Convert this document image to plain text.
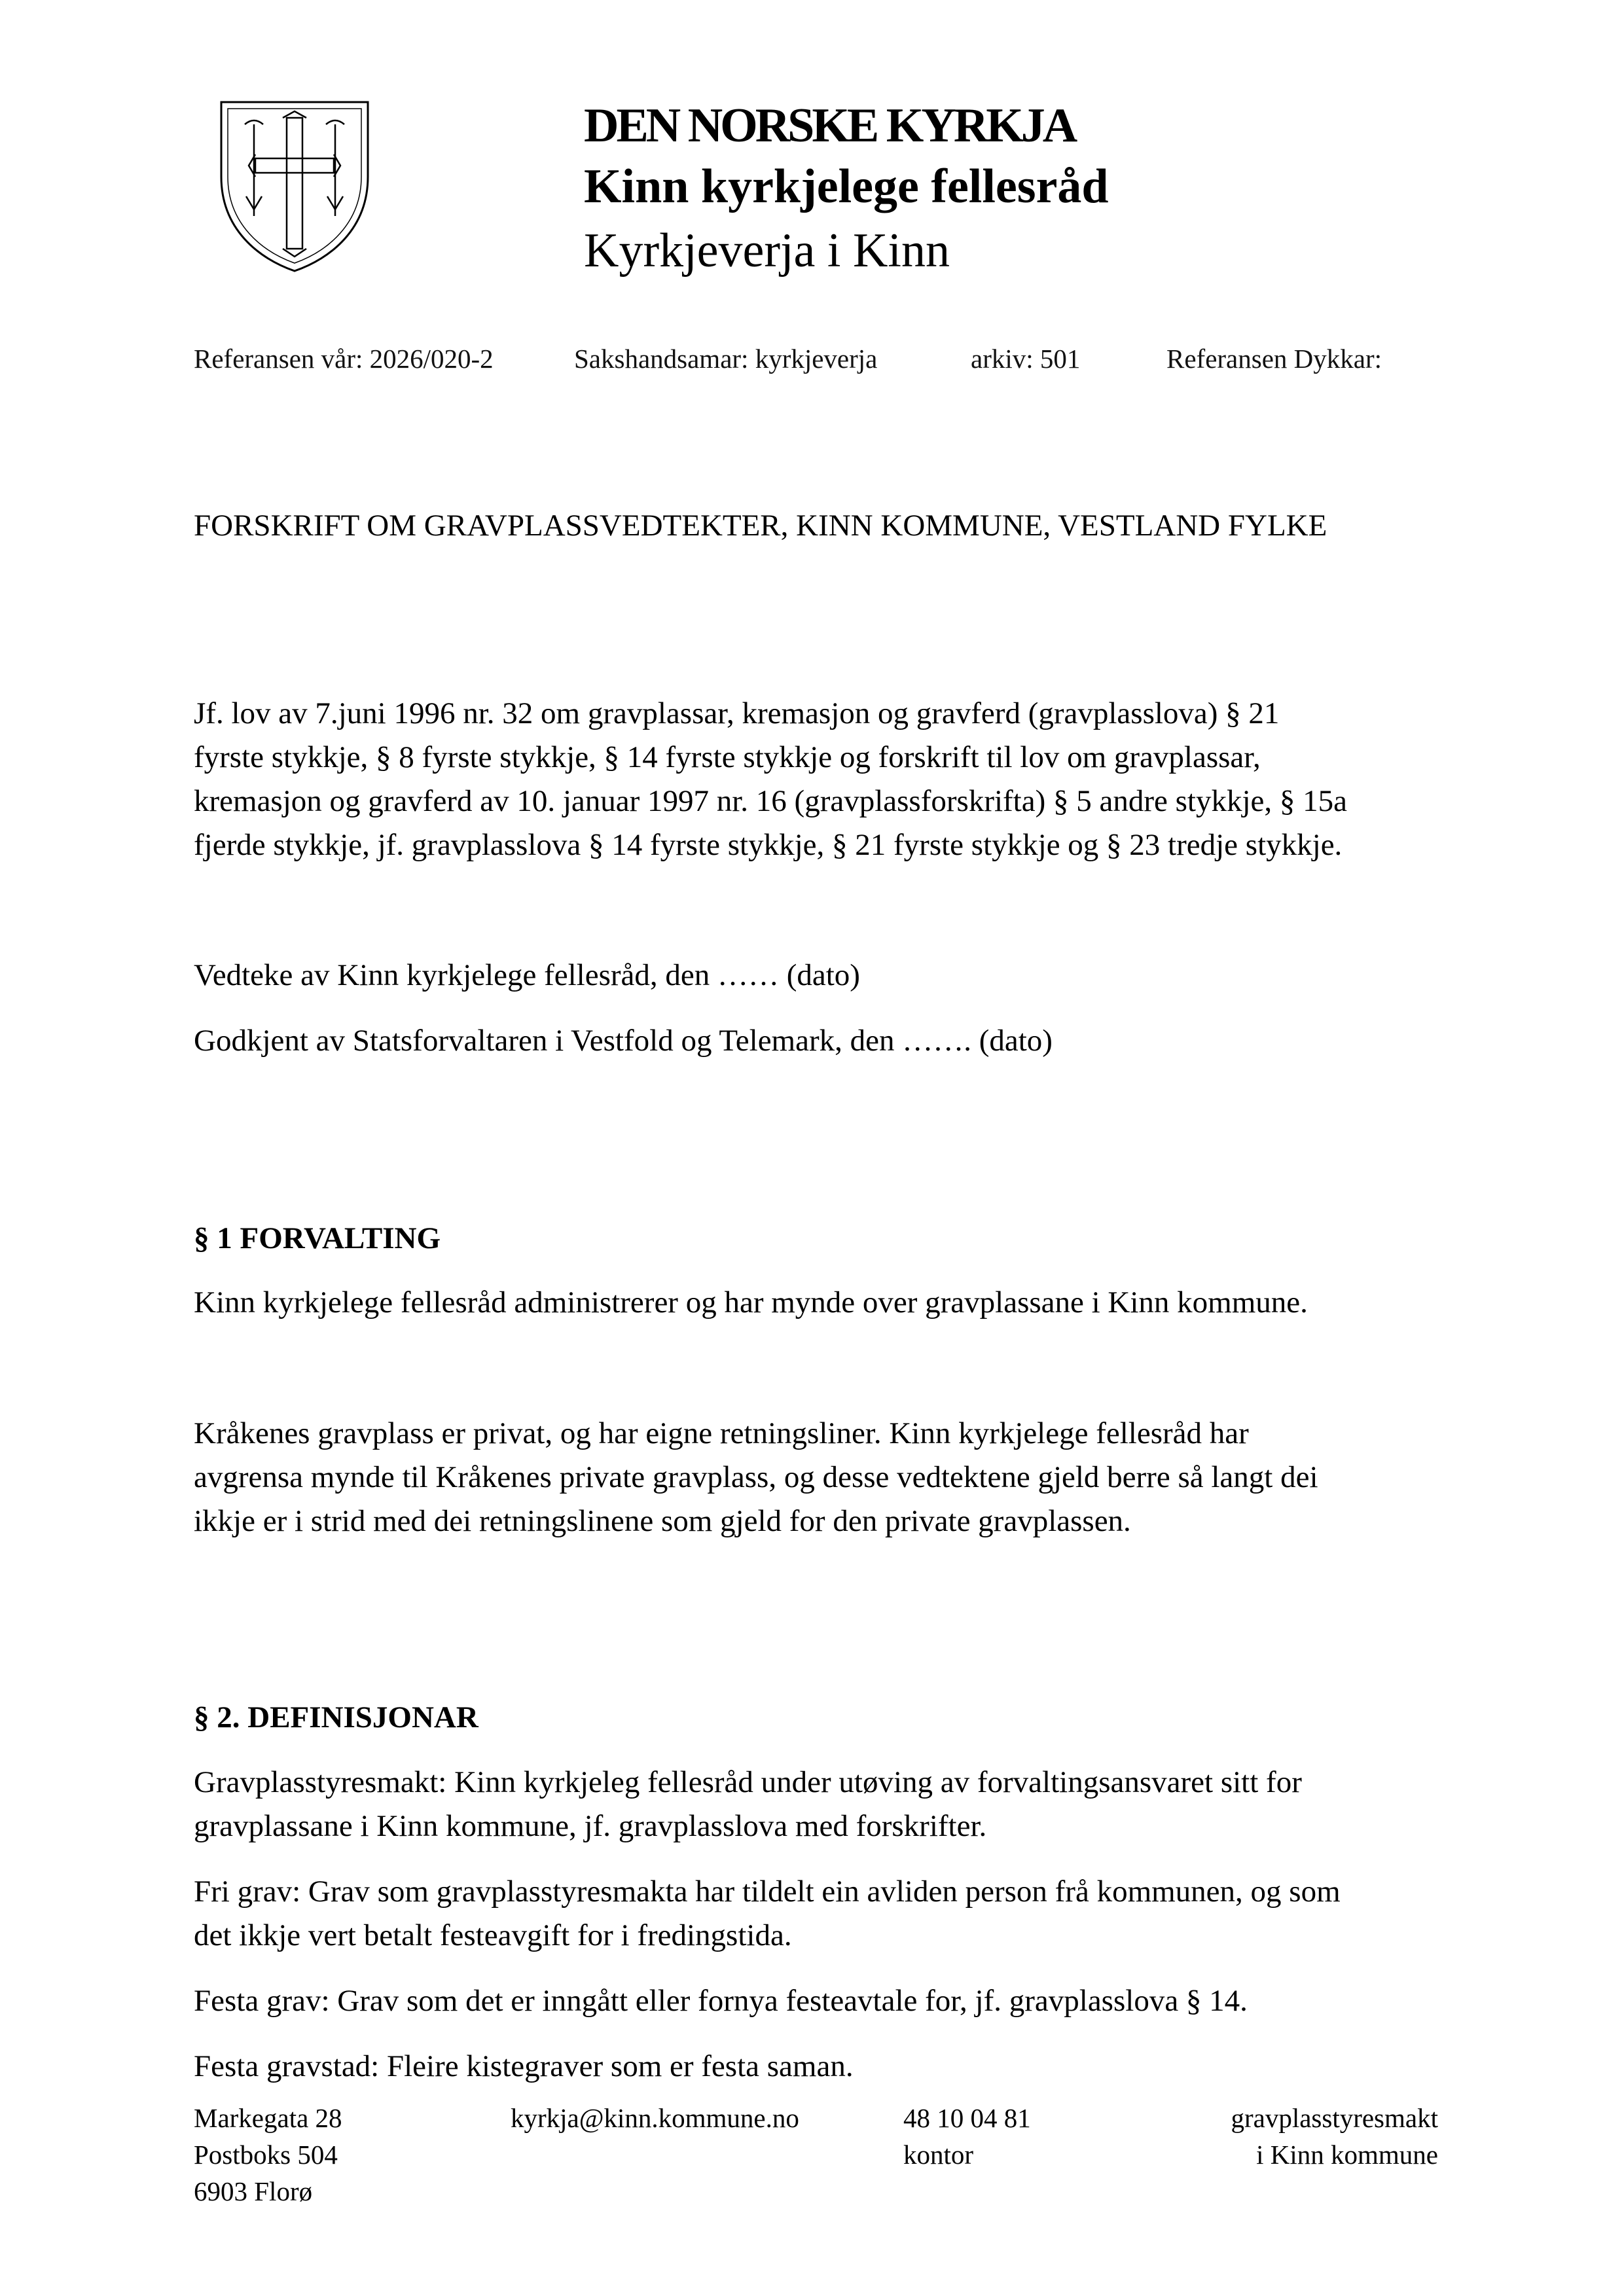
DEN NORSKE KYRKJA
Kinn kyrkjelege fellesråd
Kyrkjeverja i Kinn
Referansen vår: 2026/020-2	Sakshandsamar: kyrkjeverja	arkiv: 501	Referansen Dykkar:
FORSKRIFT OM GRAVPLASSVEDTEKTER, KINN KOMMUNE, VESTLAND FYLKE
Jf. lov av 7.juni 1996 nr. 32 om gravplassar, kremasjon og gravferd (gravplasslova) § 21
fyrste stykkje, § 8 fyrste stykkje, § 14 fyrste stykkje og forskrift til lov om gravplassar,
kremasjon og gravferd av 10. januar 1997 nr. 16 (gravplassforskrifta) § 5 andre stykkje, § 15a
fjerde stykkje, jf. gravplasslova § 14 fyrste stykkje, § 21 fyrste stykkje og § 23 tredje stykkje.
Vedteke av Kinn kyrkjelege fellesråd, den …… (dato)
Godkjent av Statsforvaltaren i Vestfold og Telemark, den ……. (dato)
§ 1 FORVALTING
Kinn kyrkjelege fellesråd administrerer og har mynde over gravplassane i Kinn kommune.
Kråkenes gravplass er privat, og har eigne retningsliner. Kinn kyrkjelege fellesråd har
avgrensa mynde til Kråkenes private gravplass, og desse vedtektene gjeld berre så langt dei
ikkje er i strid med dei retningslinene som gjeld for den private gravplassen.
§ 2. DEFINISJONAR
Gravplasstyresmakt: Kinn kyrkjeleg fellesråd under utøving av forvaltingsansvaret sitt for
gravplassane i Kinn kommune, jf. gravplasslova med forskrifter.
Fri grav: Grav som gravplasstyresmakta har tildelt ein avliden person frå kommunen, og som
det ikkje vert betalt festeavgift for i fredingstida.
Festa grav: Grav som det er inngått eller fornya festeavtale for, jf. gravplasslova § 14.
Festa gravstad: Fleire kistegraver som er festa saman.
Markegata 28
Postboks 504
6903 Florø
kyrkja@kinn.kommune.no	48 10 04 81
kontor
gravplasstyresmakt
i Kinn kommune
